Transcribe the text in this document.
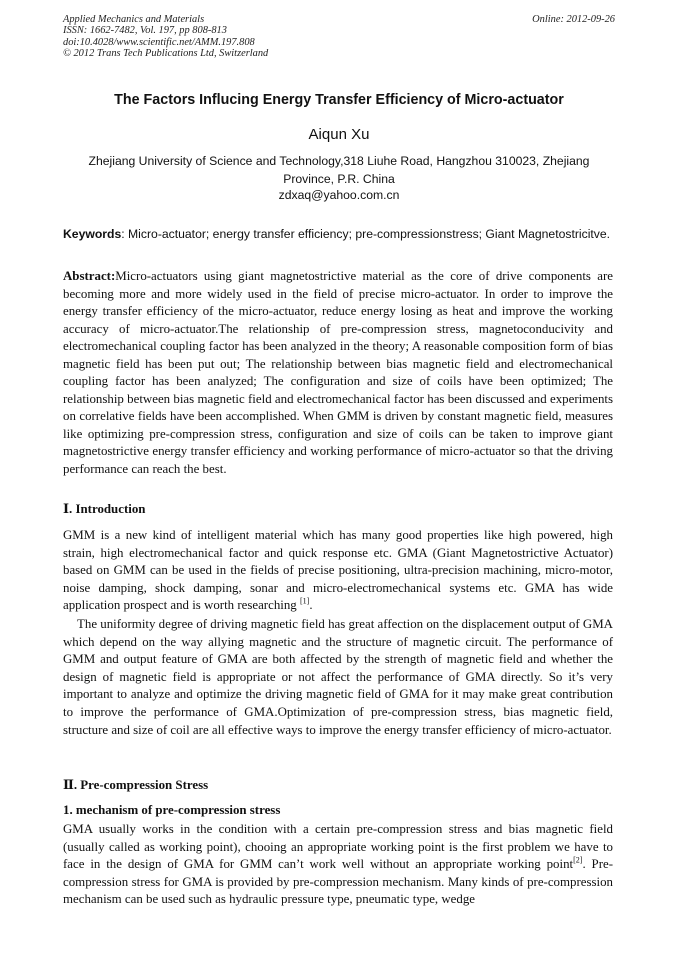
Applied Mechanics and Materials
ISSN: 1662-7482, Vol. 197, pp 808-813
doi:10.4028/www.scientific.net/AMM.197.808
© 2012 Trans Tech Publications Ltd, Switzerland
Online: 2012-09-26
The Factors Influcing Energy Transfer Efficiency of Micro-actuator
Aiqun Xu
Zhejiang University of Science and Technology,318 Liuhe Road, Hangzhou 310023, Zhejiang Province, P.R. China
zdxaq@yahoo.com.cn
Keywords: Micro-actuator; energy transfer efficiency; pre-compressionstress; Giant Magnetostricitve.
Abstract:Micro-actuators using giant magnetostrictive material as the core of drive components are becoming more and more widely used in the field of precise micro-actuator. In order to improve the energy transfer efficiency of the micro-actuator, reduce energy losing as heat and improve the working accuracy of micro-actuator.The relationship of pre-compression stress, magnetoconducivity and electromechanical coupling factor has been analyzed in the theory; A reasonable composition form of bias magnetic field has been put out; The relationship between bias magnetic field and electromechanical coupling factor has been analyzed; The configuration and size of coils have been optimized; The relationship between bias magnetic field and electromechanical factor has been discussed and experiments on correlative fields have been accomplished. When GMM is driven by constant magnetic field, measures like optimizing pre-compression stress, configuration and size of coils can be taken to improve giant magnetostrictive energy transfer efficiency and working performance of micro-actuator so that the driving performance can reach the best.
Ⅰ. Introduction

GMM is a new kind of intelligent material which has many good properties like high powered, high strain, high electromechanical factor and quick response etc. GMA (Giant Magnetostrictive Actuator) based on GMM can be used in the fields of precise positioning, ultra-precision machining, micro-motor, noise damping, shock damping, sonar and micro-electromechanical systems etc. GMA has wide application prospect and is worth researching [1].

The uniformity degree of driving magnetic field has great affection on the displacement output of GMA which depend on the way allying magnetic and the structure of magnetic circuit. The performance of GMM and output feature of GMA are both affected by the strength of magnetic field and whether the design of magnetic field is appropriate or not affect the performance of GMA directly. So it’s very important to analyze and optimize the driving magnetic field of GMA for it may make great contribution to improve the performance of GMA.Optimization of pre-compression stress, bias magnetic field, structure and size of coil are all effective ways to improve the energy transfer efficiency of micro-actuator.

Ⅱ. Pre-compression Stress
1. mechanism of pre-compression stress

GMA usually works in the condition with a certain pre-compression stress and bias magnetic field (usually called as working point), chooing an appropriate working point is the first problem we have to face in the design of GMA for GMM can’t work well without an appropriate working point[2]. Pre-compression stress for GMA is provided by pre-compression mechanism. Many kinds of pre-compression mechanism can be used such as hydraulic pressure type, pneumatic type, wedge
